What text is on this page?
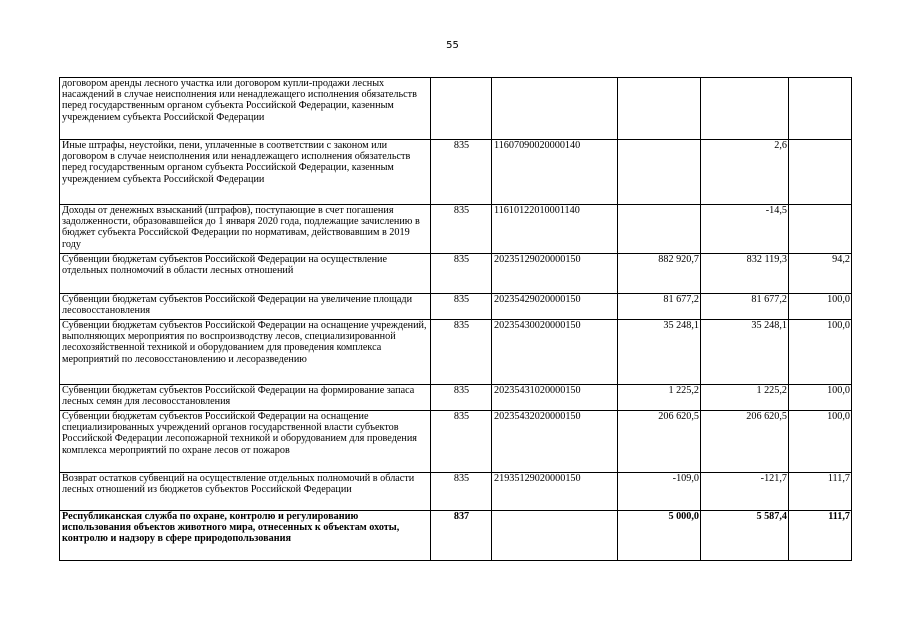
55
договором аренды лесного участка или договором купли-продажи лесных насаждений в случае неисполнения или ненадлежащего исполнения обязательств перед государственным органом субъекта Российской Федерации, казенным учреждением субъекта Российской Федерации					
Иные штрафы, неустойки, пени, уплаченные в соответствии с законом или договором в случае неисполнения или ненадлежащего исполнения обязательств перед государственным органом субъекта Российской Федерации, казенным учреждением субъекта Российской Федерации	835	11607090020000140		2,6	
Доходы от денежных взысканий (штрафов), поступающие в счет погашения задолженности, образовавшейся до 1 января 2020 года, подлежащие зачислению в бюджет субъекта Российской Федерации по нормативам, действовавшим в 2019 году	835	11610122010001140		-14,5	
Субвенции бюджетам субъектов Российской Федерации на осуществление отдельных полномочий в области лесных отношений	835	20235129020000150	882 920,7	832 119,3	94,2
Субвенции бюджетам субъектов Российской Федерации на увеличение площади лесовосстановления	835	20235429020000150	81 677,2	81 677,2	100,0
Субвенции бюджетам субъектов Российской Федерации на оснащение учреждений, выполняющих мероприятия по воспроизводству лесов, специализированной лесохозяйственной техникой и оборудованием для проведения комплекса мероприятий по лесовосстановлению и лесоразведению	835	20235430020000150	35 248,1	35 248,1	100,0
Субвенции бюджетам субъектов Российской Федерации на формирование запаса лесных семян для лесовосстановления	835	20235431020000150	1 225,2	1 225,2	100,0
Субвенции бюджетам субъектов Российской Федерации на оснащение специализированных учреждений органов государственной власти субъектов Российской Федерации лесопожарной техникой и оборудованием для проведения комплекса мероприятий по охране лесов от пожаров	835	20235432020000150	206 620,5	206 620,5	100,0
Возврат остатков субвенций на осуществление отдельных полномочий в области лесных отношений из бюджетов субъектов Российской Федерации	835	21935129020000150	-109,0	-121,7	111,7
Республиканская служба по охране, контролю и регулированию использования объектов животного мира, отнесенных к объектам охоты, контролю и надзору в сфере природопользования	837		5 000,0	5 587,4	111,7
